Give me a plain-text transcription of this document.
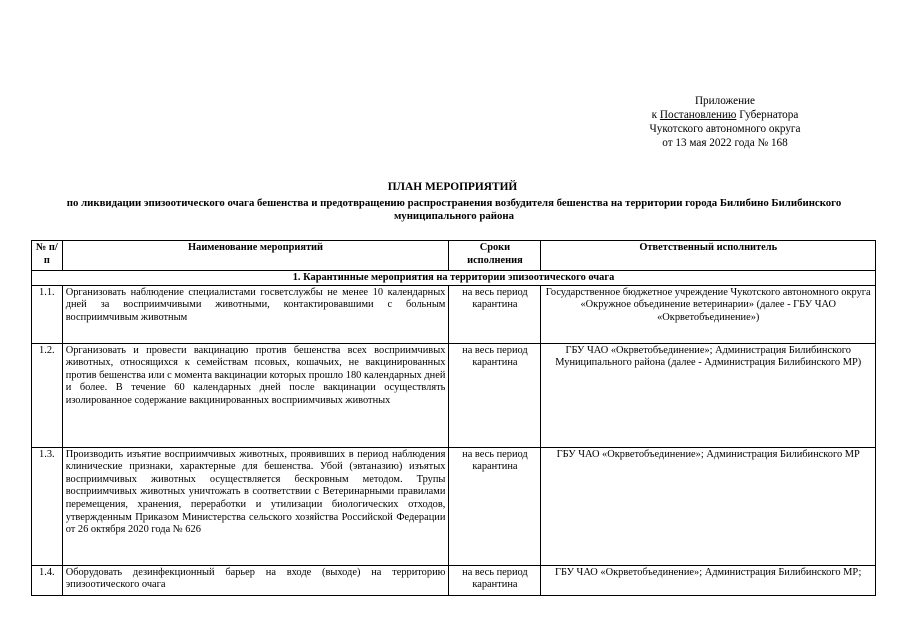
Приложение
к Постановлению Губернатора
Чукотского автономного округа
от 13 мая 2022 года № 168
ПЛАН МЕРОПРИЯТИЙ
по ликвидации эпизоотического очага бешенства и предотвращению распространения возбудителя бешенства на территории города Билибино Билибинского муниципального района
№ п/п	Наименование мероприятий	Сроки исполнения	Ответственный исполнитель
1. Карантинные мероприятия на территории эпизоотического очага			
1.1.	Организовать наблюдение специалистами госветслужбы не менее 10 календарных дней за восприимчивыми животными, контактировавшими с больным восприимчивым животным	на весь период карантина	Государственное бюджетное учреждение Чукотского автономного округа «Окружное объединение ветеринарии» (далее - ГБУ ЧАО «Окрветобъединение»)
1.2.	Организовать и провести вакцинацию против бешенства всех восприимчивых животных, относящихся к семействам псовых, кошачьих, не вакцинированных против бешенства или с момента вакцинации которых прошло 180 календарных дней и более. В течение 60 календарных дней после вакцинации осуществлять изолированное содержание вакцинированных восприимчивых животных	на весь период карантина	ГБУ ЧАО «Окрветобъединение»; Администрация Билибинского Муниципального района (далее - Администрация Билибинского МР)
1.3.	Производить изъятие восприимчивых животных, проявивших в период наблюдения клинические признаки, характерные для бешенства. Убой (эвтаназию) изъятых восприимчивых животных осуществляется бескровным методом. Трупы восприимчивых животных уничтожать в соответствии с Ветеринарными правилами перемещения, хранения, переработки и утилизации биологических отходов, утвержденным Приказом Министерства сельского хозяйства Российской Федерации от 26 октября 2020 года № 626	на весь период карантина	ГБУ ЧАО «Окрветобъединение»; Администрация Билибинского МР
1.4.	Оборудовать дезинфекционный барьер на входе (выходе) на территорию эпизоотического очага	на весь период карантина	ГБУ ЧАО «Окрветобъединение»; Администрация Билибинского МР;
